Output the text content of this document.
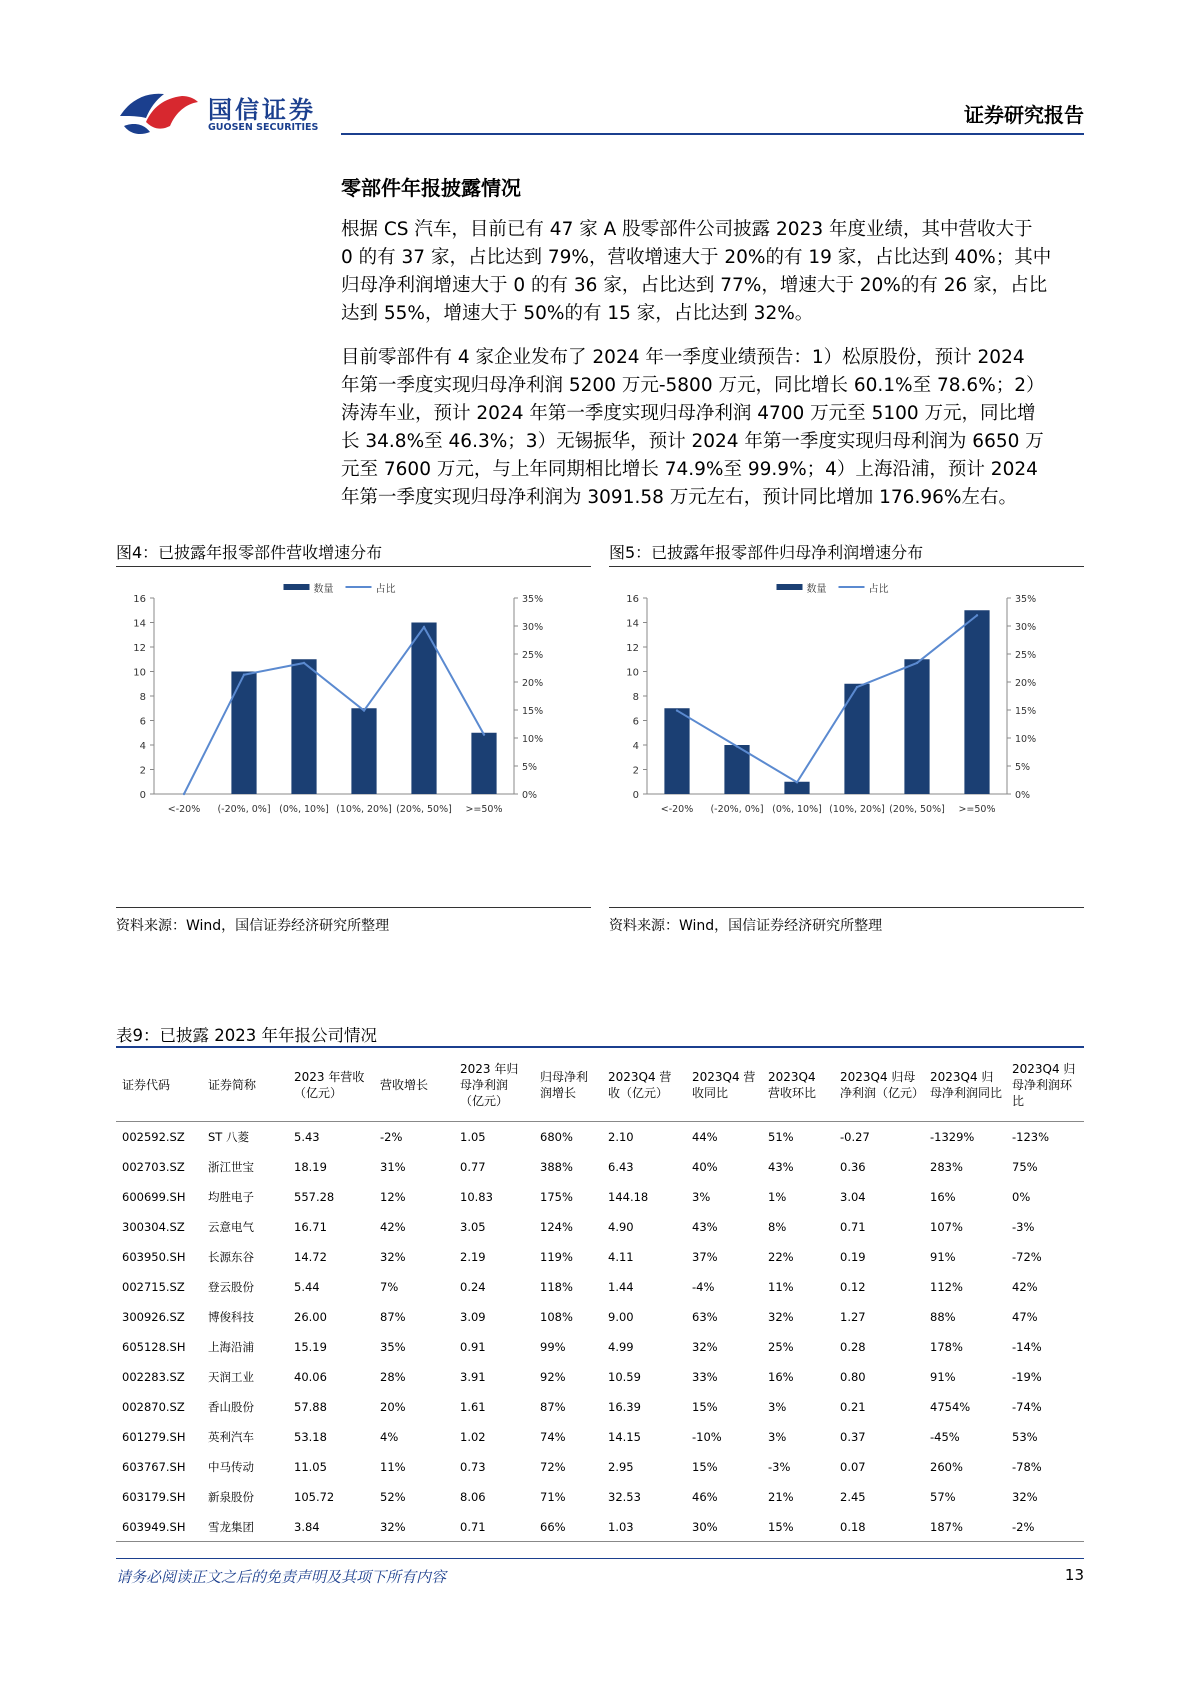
国信证券
GUOSEN SECURITIES
证券研究报告
零部件年报披露情况
根据 CS 汽车，目前已有 47 家 A 股零部件公司披露 2023 年度业绩，其中营收大于
0 的有 37 家，占比达到 79%，营收增速大于 20%的有 19 家，占比达到 40%；其中
归母净利润增速大于 0 的有 36 家，占比达到 77%，增速大于 20%的有 26 家，占比
达到 55%，增速大于 50%的有 15 家，占比达到 32%。
目前零部件有 4 家企业发布了 2024 年一季度业绩预告：1）松原股份，预计 2024
年第一季度实现归母净利润 5200 万元-5800 万元，同比增长 60.1%至 78.6%；2）
涛涛车业，预计 2024 年第一季度实现归母净利润 4700 万元至 5100 万元，同比增
长 34.8%至 46.3%；3）无锡振华，预计 2024 年第一季度实现归母利润为 6650 万
元至 7600 万元，与上年同期相比增长 74.9%至 99.9%；4）上海沿浦，预计 2024
年第一季度实现归母净利润为 3091.58 万元左右，预计同比增加 176.96%左右。
图4：已披露年报零部件营收增速分布
数量	占比
0
2
4
6
8
10
12
14
16
0%
5%
10%
15%
20%
25%
30%
35%
<-20% (-20%, 0%] (0%, 10%] (10%, 20%] (20%, 50%] >=50%
资料来源：Wind，国信证券经济研究所整理
图5：已披露年报零部件归母净利润增速分布
数量	占比
0
2
4
6
8
10
12
14
16
0%
5%
10%
15%
20%
25%
30%
35%
<-20% (-20%, 0%] (0%, 10%] (10%, 20%] (20%, 50%] >=50%
资料来源：Wind，国信证券经济研究所整理
表9：已披露 2023 年年报公司情况
证券代码	证券简称	2023 年营收（亿元）	营收增长	2023 年归母净利润（亿元）	归母净利润增长	2023Q4 营收（亿元）	2023Q4 营收同比	2023Q4 营收环比	2023Q4 归母净利润（亿元）	2023Q4 归母净利润同比	2023Q4 归母净利润环比
002592.SZ	ST 八菱	5.43	-2%	1.05	680%	2.10	44%	51%	-0.27	-1329%	-123%
002703.SZ	浙江世宝	18.19	31%	0.77	388%	6.43	40%	43%	0.36	283%	75%
600699.SH	均胜电子	557.28	12%	10.83	175%	144.18	3%	1%	3.04	16%	0%
300304.SZ	云意电气	16.71	42%	3.05	124%	4.90	43%	8%	0.71	107%	-3%
603950.SH	长源东谷	14.72	32%	2.19	119%	4.11	37%	22%	0.19	91%	-72%
002715.SZ	登云股份	5.44	7%	0.24	118%	1.44	-4%	11%	0.12	112%	42%
300926.SZ	博俊科技	26.00	87%	3.09	108%	9.00	63%	32%	1.27	88%	47%
605128.SH	上海沿浦	15.19	35%	0.91	99%	4.99	32%	25%	0.28	178%	-14%
002283.SZ	天润工业	40.06	28%	3.91	92%	10.59	33%	16%	0.80	91%	-19%
002870.SZ	香山股份	57.88	20%	1.61	87%	16.39	15%	3%	0.21	4754%	-74%
601279.SH	英利汽车	53.18	4%	1.02	74%	14.15	-10%	3%	0.37	-45%	53%
603767.SH	中马传动	11.05	11%	0.73	72%	2.95	15%	-3%	0.07	260%	-78%
603179.SH	新泉股份	105.72	52%	8.06	71%	32.53	46%	21%	2.45	57%	32%
603949.SH	雪龙集团	3.84	32%	0.71	66%	1.03	30%	15%	0.18	187%	-2%
请务必阅读正文之后的免责声明及其项下所有内容	13
